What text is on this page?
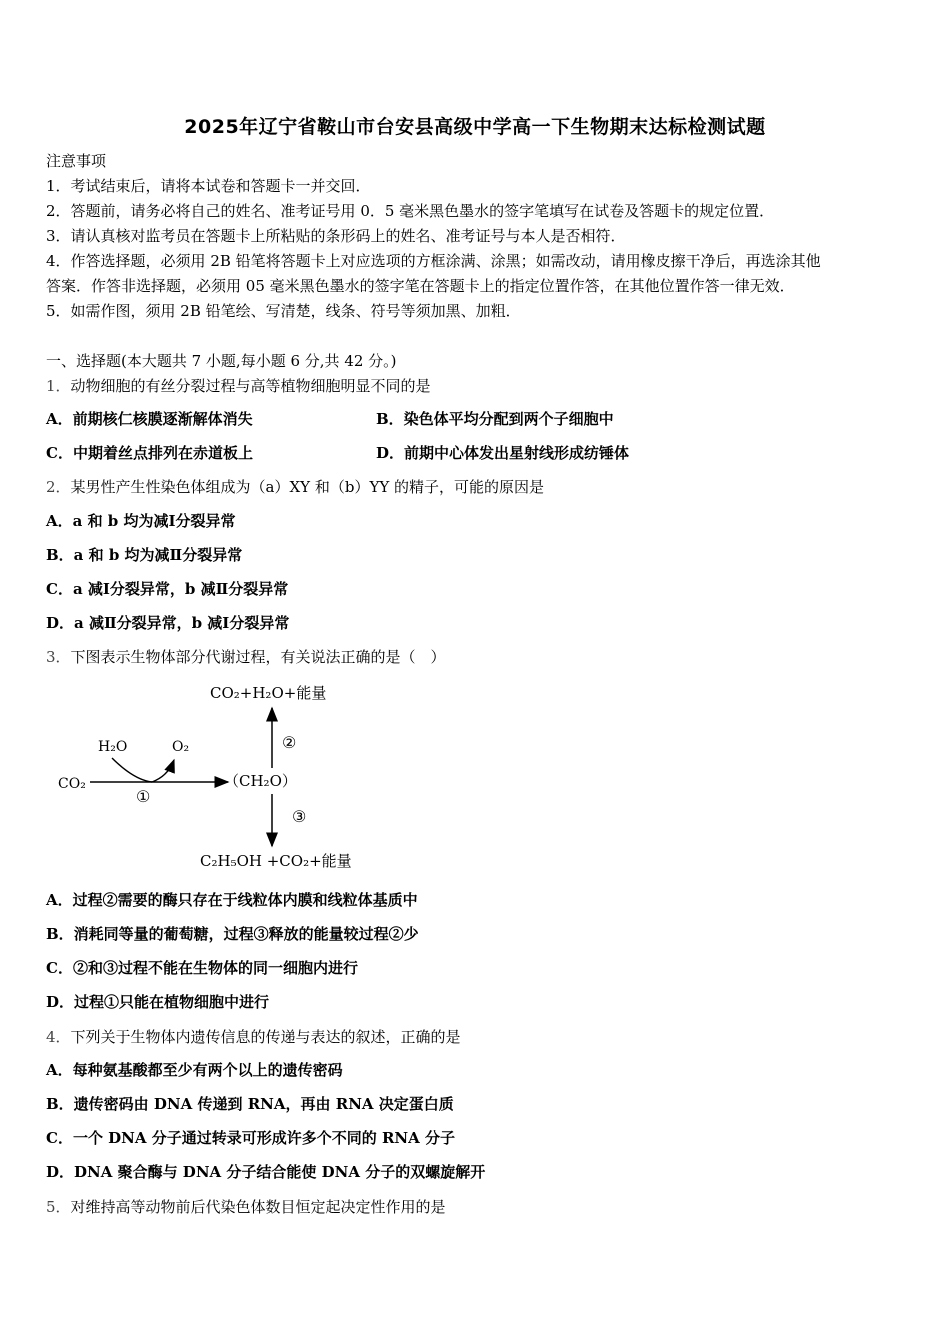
2025年辽宁省鞍山市台安县高级中学高一下生物期末达标检测试题
注意事项
1．考试结束后，请将本试卷和答题卡一并交回．
2．答题前，请务必将自己的姓名、准考证号用 0．5 毫米黑色墨水的签字笔填写在试卷及答题卡的规定位置．
3．请认真核对监考员在答题卡上所粘贴的条形码上的姓名、准考证号与本人是否相符．
4．作答选择题，必须用 2B 铅笔将答题卡上对应选项的方框涂满、涂黑；如需改动，请用橡皮擦干净后，再选涂其他
答案．作答非选择题，必须用 05 毫米黑色墨水的签字笔在答题卡上的指定位置作答，在其他位置作答一律无效．
5．如需作图，须用 2B 铅笔绘、写清楚，线条、符号等须加黑、加粗．
一、选择题(本大题共 7 小题,每小题 6 分,共 42 分。)
1．动物细胞的有丝分裂过程与高等植物细胞明显不同的是
A．前期核仁核膜逐渐解体消失	B．染色体平均分配到两个子细胞中
C．中期着丝点排列在赤道板上	D．前期中心体发出星射线形成纺锤体
2．某男性产生性染色体组成为（a）XY 和（b）YY 的精子，可能的原因是
A．a 和 b 均为减Ⅰ分裂异常
B．a 和 b 均为减Ⅱ分裂异常
C．a 减Ⅰ分裂异常，b 减Ⅱ分裂异常
D．a 减Ⅱ分裂异常，b 减Ⅰ分裂异常
3．下图表示生物体部分代谢过程，有关说法正确的是（　）
CO₂+H₂O+能量
H₂O	O₂
CO₂	（CH₂O）
①
②
③
C₂H₅OH +CO₂+能量
A．过程②需要的酶只存在于线粒体内膜和线粒体基质中
B．消耗同等量的葡萄糖，过程③释放的能量较过程②少
C．②和③过程不能在生物体的同一细胞内进行
D．过程①只能在植物细胞中进行
4．下列关于生物体内遗传信息的传递与表达的叙述，正确的是
A．每种氨基酸都至少有两个以上的遗传密码
B．遗传密码由 DNA 传递到 RNA，再由 RNA 决定蛋白质
C．一个 DNA 分子通过转录可形成许多个不同的 RNA 分子
D．DNA 聚合酶与 DNA 分子结合能使 DNA 分子的双螺旋解开
5．对维持高等动物前后代染色体数目恒定起决定性作用的是
